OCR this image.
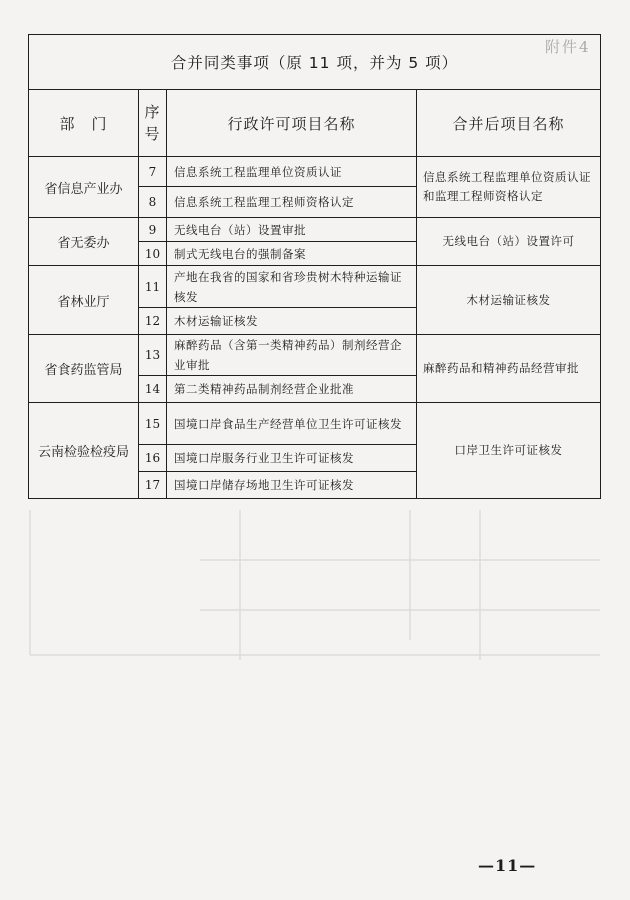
附件4
合并同类事项（原 11 项，并为 5 项）			
部　门	序号	行政许可项目名称	合并后项目名称
省信息产业办	7	信息系统工程监理单位资质认证	信息系统工程监理单位资质认证和监理工程师资格认定
	8	信息系统工程监理工程师资格认定	
省无委办	9	无线电台（站）设置审批	无线电台（站）设置许可
	10	制式无线电台的强制备案	
省林业厅	11	产地在我省的国家和省珍贵树木特种运输证核发	木材运输证核发
	12	木材运输证核发	
省食药监管局	13	麻醉药品（含第一类精神药品）制剂经营企业审批	麻醉药品和精神药品经营审批
	14	第二类精神药品制剂经营企业批准	
云南检验检疫局	15	国境口岸食品生产经营单位卫生许可证核发	口岸卫生许可证核发
	16	国境口岸服务行业卫生许可证核发	
	17	国境口岸储存场地卫生许可证核发	
—11—
